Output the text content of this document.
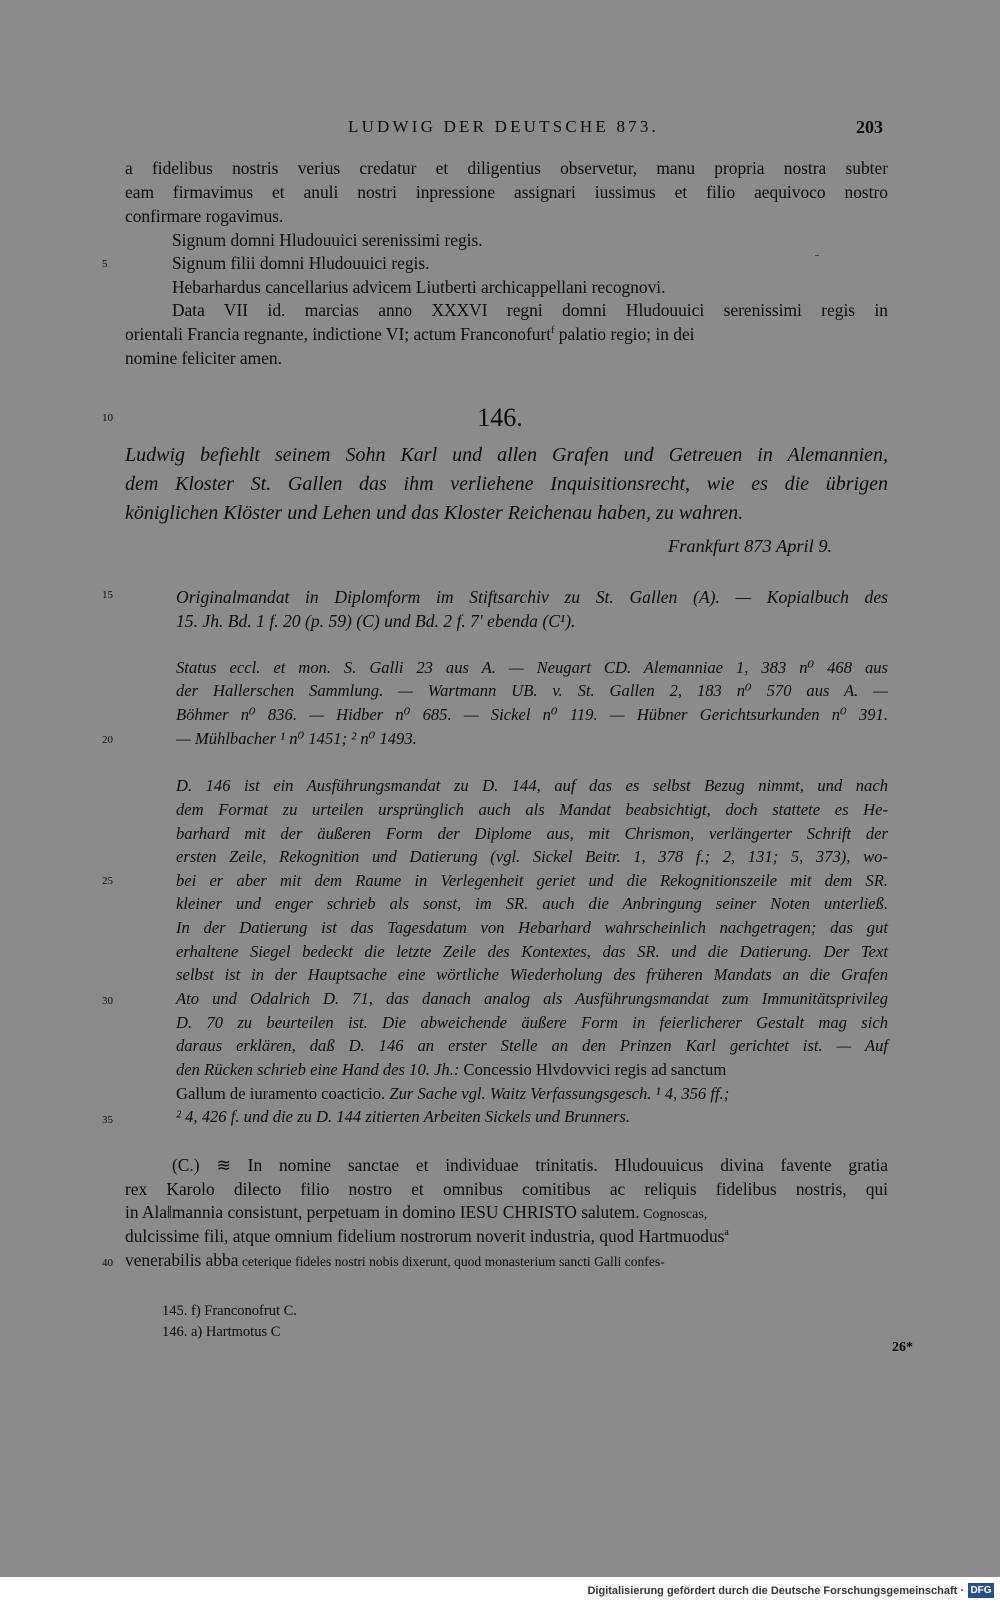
LUDWIG DER DEUTSCHE 873.	203
a fidelibus nostris verius credatur et diligentius observetur, manu propria nostra subter
eam firmavimus et anuli nostri inpressione assignari iussimus et filio aequivoco nostro
confirmare rogavimus.
Signum domni Hludouuici serenissimi regis.
Signum filii domni Hludouuici regis.
Hebarhardus cancellarius advicem Liutberti archicappellani recognovi.
Data VII id. marcias anno XXXVI regni domni Hludouuici serenissimi regis in
orientali Francia regnante, indictione VI; actum Franconofurt$^f$ palatio regio; in dei
nomine feliciter amen.
5
10
15
20
25
30
35
40
146.
Ludwig befiehlt seinem Sohn Karl und allen Grafen und Getreuen in Alemannien,
dem Kloster St. Gallen das ihm verliehene Inquisitionsrecht, wie es die übrigen
königlichen Klöster und Lehen und das Kloster Reichenau haben, zu wahren.
Frankfurt 873 April 9.
Originalmandat in Diplomform im Stiftsarchiv zu St. Gallen (A). — Kopialbuch des
15. Jh. Bd. 1 f. 20 (p. 59) (C) und Bd. 2 f. 7' ebenda (C¹).
Status eccl. et mon. S. Galli 23 aus A. — Neugart CD. Alemanniae 1, 383 n⁰ 468 aus
der Hallerschen Sammlung. — Wartmann UB. v. St. Gallen 2, 183 n⁰ 570 aus A. —
Böhmer n⁰ 836. — Hidber n⁰ 685. — Sickel n⁰ 119. — Hübner Gerichtsurkunden n⁰ 391.
— Mühlbacher ¹ n⁰ 1451; ² n⁰ 1493.
D. 146 ist ein Ausführungsmandat zu D. 144, auf das es selbst Bezug nimmt, und nach
dem Format zu urteilen ursprünglich auch als Mandat beabsichtigt, doch stattete es He-
barhard mit der äußeren Form der Diplome aus, mit Chrismon, verlängerter Schrift der
ersten Zeile, Rekognition und Datierung (vgl. Sickel Beitr. 1, 378 f.; 2, 131; 5, 373), wo-
bei er aber mit dem Raume in Verlegenheit geriet und die Rekognitionszeile mit dem SR.
kleiner und enger schrieb als sonst, im SR. auch die Anbringung seiner Noten unterließ.
In der Datierung ist das Tagesdatum von Hebarhard wahrscheinlich nachgetragen; das gut
erhaltene Siegel bedeckt die letzte Zeile des Kontextes, das SR. und die Datierung. Der Text
selbst ist in der Hauptsache eine wörtliche Wiederholung des früheren Mandats an die Grafen
Ato und Odalrich D. 71, das danach analog als Ausführungsmandat zum Immunitätsprivileg
D. 70 zu beurteilen ist. Die abweichende äußere Form in feierlicherer Gestalt mag sich
daraus erklären, daß D. 146 an erster Stelle an den Prinzen Karl gerichtet ist. — Auf
den Rücken schrieb eine Hand des 10. Jh.: Concessio Hlvdovvici regis ad sanctum
Gallum de iuramento coacticio. Zur Sache vgl. Waitz Verfassungsgesch. ¹ 4, 356 ff.;
² 4, 426 f. und die zu D. 144 zitierten Arbeiten Sickels und Brunners.
(C.) ≋ In nomine sanctae et individuae trinitatis. Hludouuicus divina favente gratia
rex Karolo dilecto filio nostro et omnibus comitibus ac reliquis fidelibus nostris, qui
in Ala‖mannia consistunt, perpetuam in domino IESU CHRISTO salutem. Cognoscas,
dulcissime fili, atque omnium fidelium nostrorum noverit industria, quod Hartmuodus$^a$
venerabilis abba ceterique fideles nostri nobis dixerunt, quod monasterium sancti Galli confes-
145. f) Franconofrut C.
146. a) Hartmotus C
26*
Digitalisierung gefördert durch die Deutsche Forschungsgemeinschaft · DFG
